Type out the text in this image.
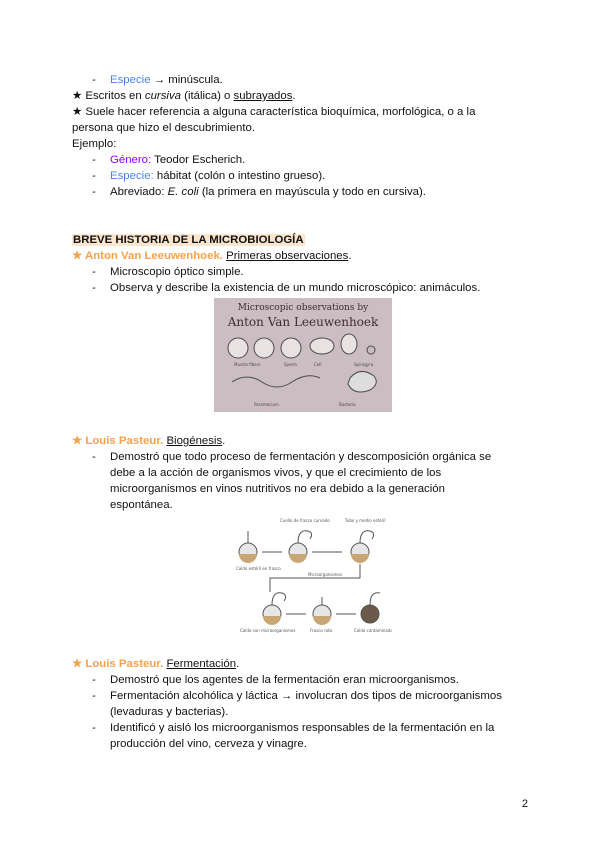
- Especie → minúscula.
★ Escritos en cursiva (itálica) o subrayados.
★ Suele hacer referencia a alguna característica bioquímica, morfológica, o a la
persona que hizo el descubrimiento.
Ejemplo:
- Género: Teodor Escherich.
- Especie: hábitat (colón o intestino grueso).
- Abreviado: E. coli (la primera en mayúscula y todo en cursiva).
BREVE HISTORIA DE LA MICROBIOLOGÍA
★ Anton Van Leeuwenhoek. Primeras observaciones.
- Microscopio óptico simple.
- Observa y describe la existencia de un mundo microscópico: animáculos.
Microscopic observations by
Anton Van Leeuwenhoek
Muscle fibers	Sperm	Cell	Spirogyra
Paramecium	Bacteria
★ Louis Pasteur. Biogénesis.
- Demostró que todo proceso de fermentación y descomposición orgánica se
debe a la acción de organismos vivos, y que el crecimiento de los
microorganismos en vinos nutritivos no era debido a la generación
espontánea.
Cuello de frasco curvado	Tubo y medio estéril
Caldo estéril en frasco
Microorganismos
Caldo con microorganismos	Frasco roto	Caldo contaminado
★ Louis Pasteur. Fermentación.
- Demostró que los agentes de la fermentación eran microorganismos.
- Fermentación alcohólica y láctica → involucran dos tipos de microorganismos
(levaduras y bacterias).
- Identificó y aisló los microorganismos responsables de la fermentación en la
producción del vino, cerveza y vinagre.
2
